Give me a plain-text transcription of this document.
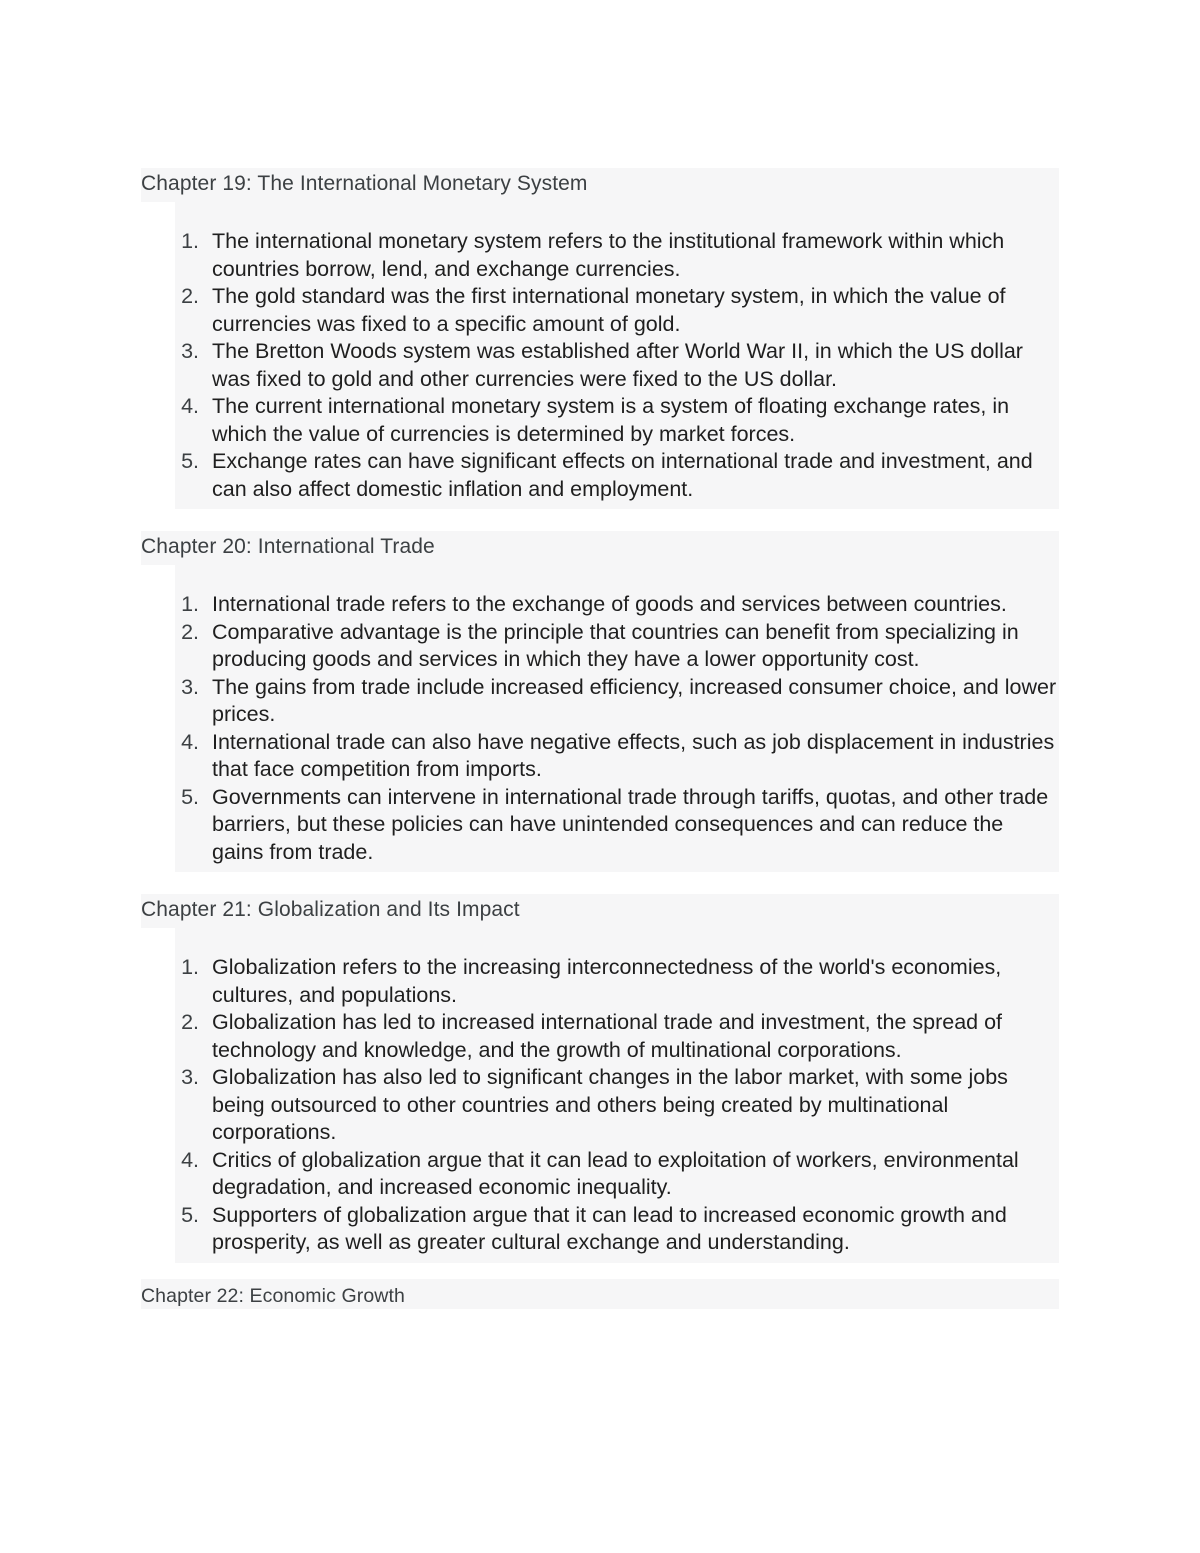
Chapter 19: The International Monetary System
1. The international monetary system refers to the institutional framework within which countries borrow, lend, and exchange currencies.
2. The gold standard was the first international monetary system, in which the value of currencies was fixed to a specific amount of gold.
3. The Bretton Woods system was established after World War II, in which the US dollar was fixed to gold and other currencies were fixed to the US dollar.
4. The current international monetary system is a system of floating exchange rates, in which the value of currencies is determined by market forces.
5. Exchange rates can have significant effects on international trade and investment, and can also affect domestic inflation and employment.
Chapter 20: International Trade
1. International trade refers to the exchange of goods and services between countries.
2. Comparative advantage is the principle that countries can benefit from specializing in producing goods and services in which they have a lower opportunity cost.
3. The gains from trade include increased efficiency, increased consumer choice, and lower prices.
4. International trade can also have negative effects, such as job displacement in industries that face competition from imports.
5. Governments can intervene in international trade through tariffs, quotas, and other trade barriers, but these policies can have unintended consequences and can reduce the gains from trade.
Chapter 21: Globalization and Its Impact
1. Globalization refers to the increasing interconnectedness of the world's economies, cultures, and populations.
2. Globalization has led to increased international trade and investment, the spread of technology and knowledge, and the growth of multinational corporations.
3. Globalization has also led to significant changes in the labor market, with some jobs being outsourced to other countries and others being created by multinational corporations.
4. Critics of globalization argue that it can lead to exploitation of workers, environmental degradation, and increased economic inequality.
5. Supporters of globalization argue that it can lead to increased economic growth and prosperity, as well as greater cultural exchange and understanding.
Chapter 22: Economic Growth
